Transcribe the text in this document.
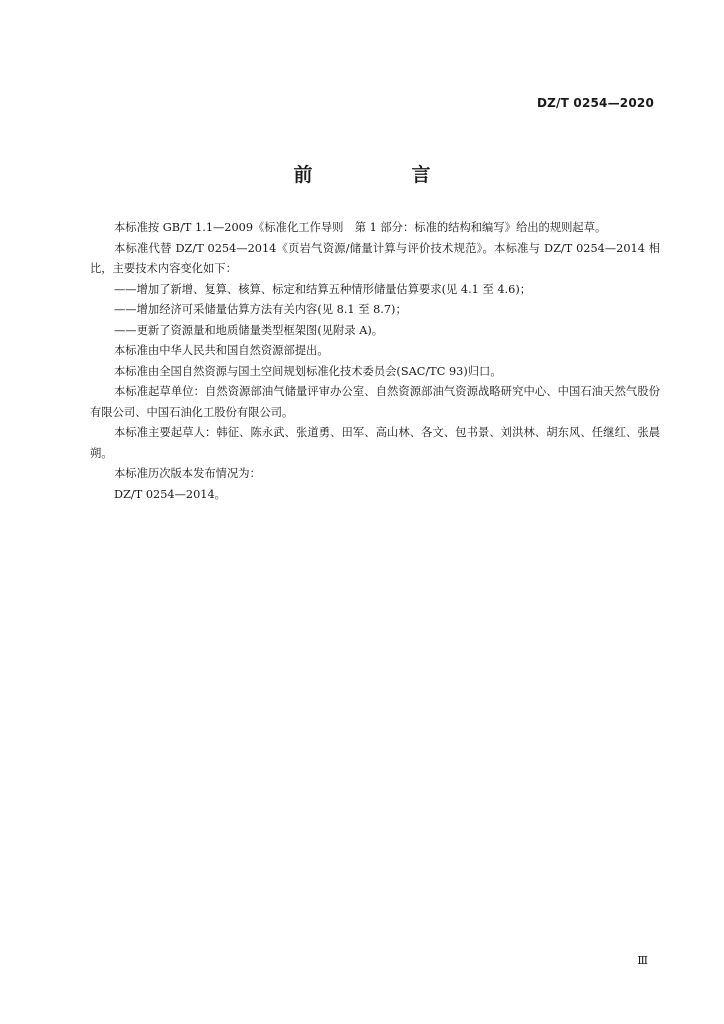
DZ/T 0254—2020
前　言

本标准按 GB/T 1.1—2009《标准化工作导则　第 1 部分：标准的结构和编写》给出的规则起草。

本标准代替 DZ/T 0254—2014《页岩气资源/储量计算与评价技术规范》。本标准与 DZ/T 0254—2014 相比，主要技术内容变化如下：

——增加了新增、复算、核算、标定和结算五种情形储量估算要求(见 4.1 至 4.6)；

——增加经济可采储量估算方法有关内容(见 8.1 至 8.7)；

——更新了资源量和地质储量类型框架图(见附录 A)。

本标准由中华人民共和国自然资源部提出。

本标准由全国自然资源与国土空间规划标准化技术委员会(SAC/TC 93)归口。

本标准起草单位：自然资源部油气储量评审办公室、自然资源部油气资源战略研究中心、中国石油天然气股份有限公司、中国石油化工股份有限公司。

本标准主要起草人：韩征、陈永武、张道勇、田军、高山林、各文、包书景、刘洪林、胡东风、任继红、张晨朔。

本标准历次版本发布情况为：

DZ/T 0254—2014。

Ⅲ
